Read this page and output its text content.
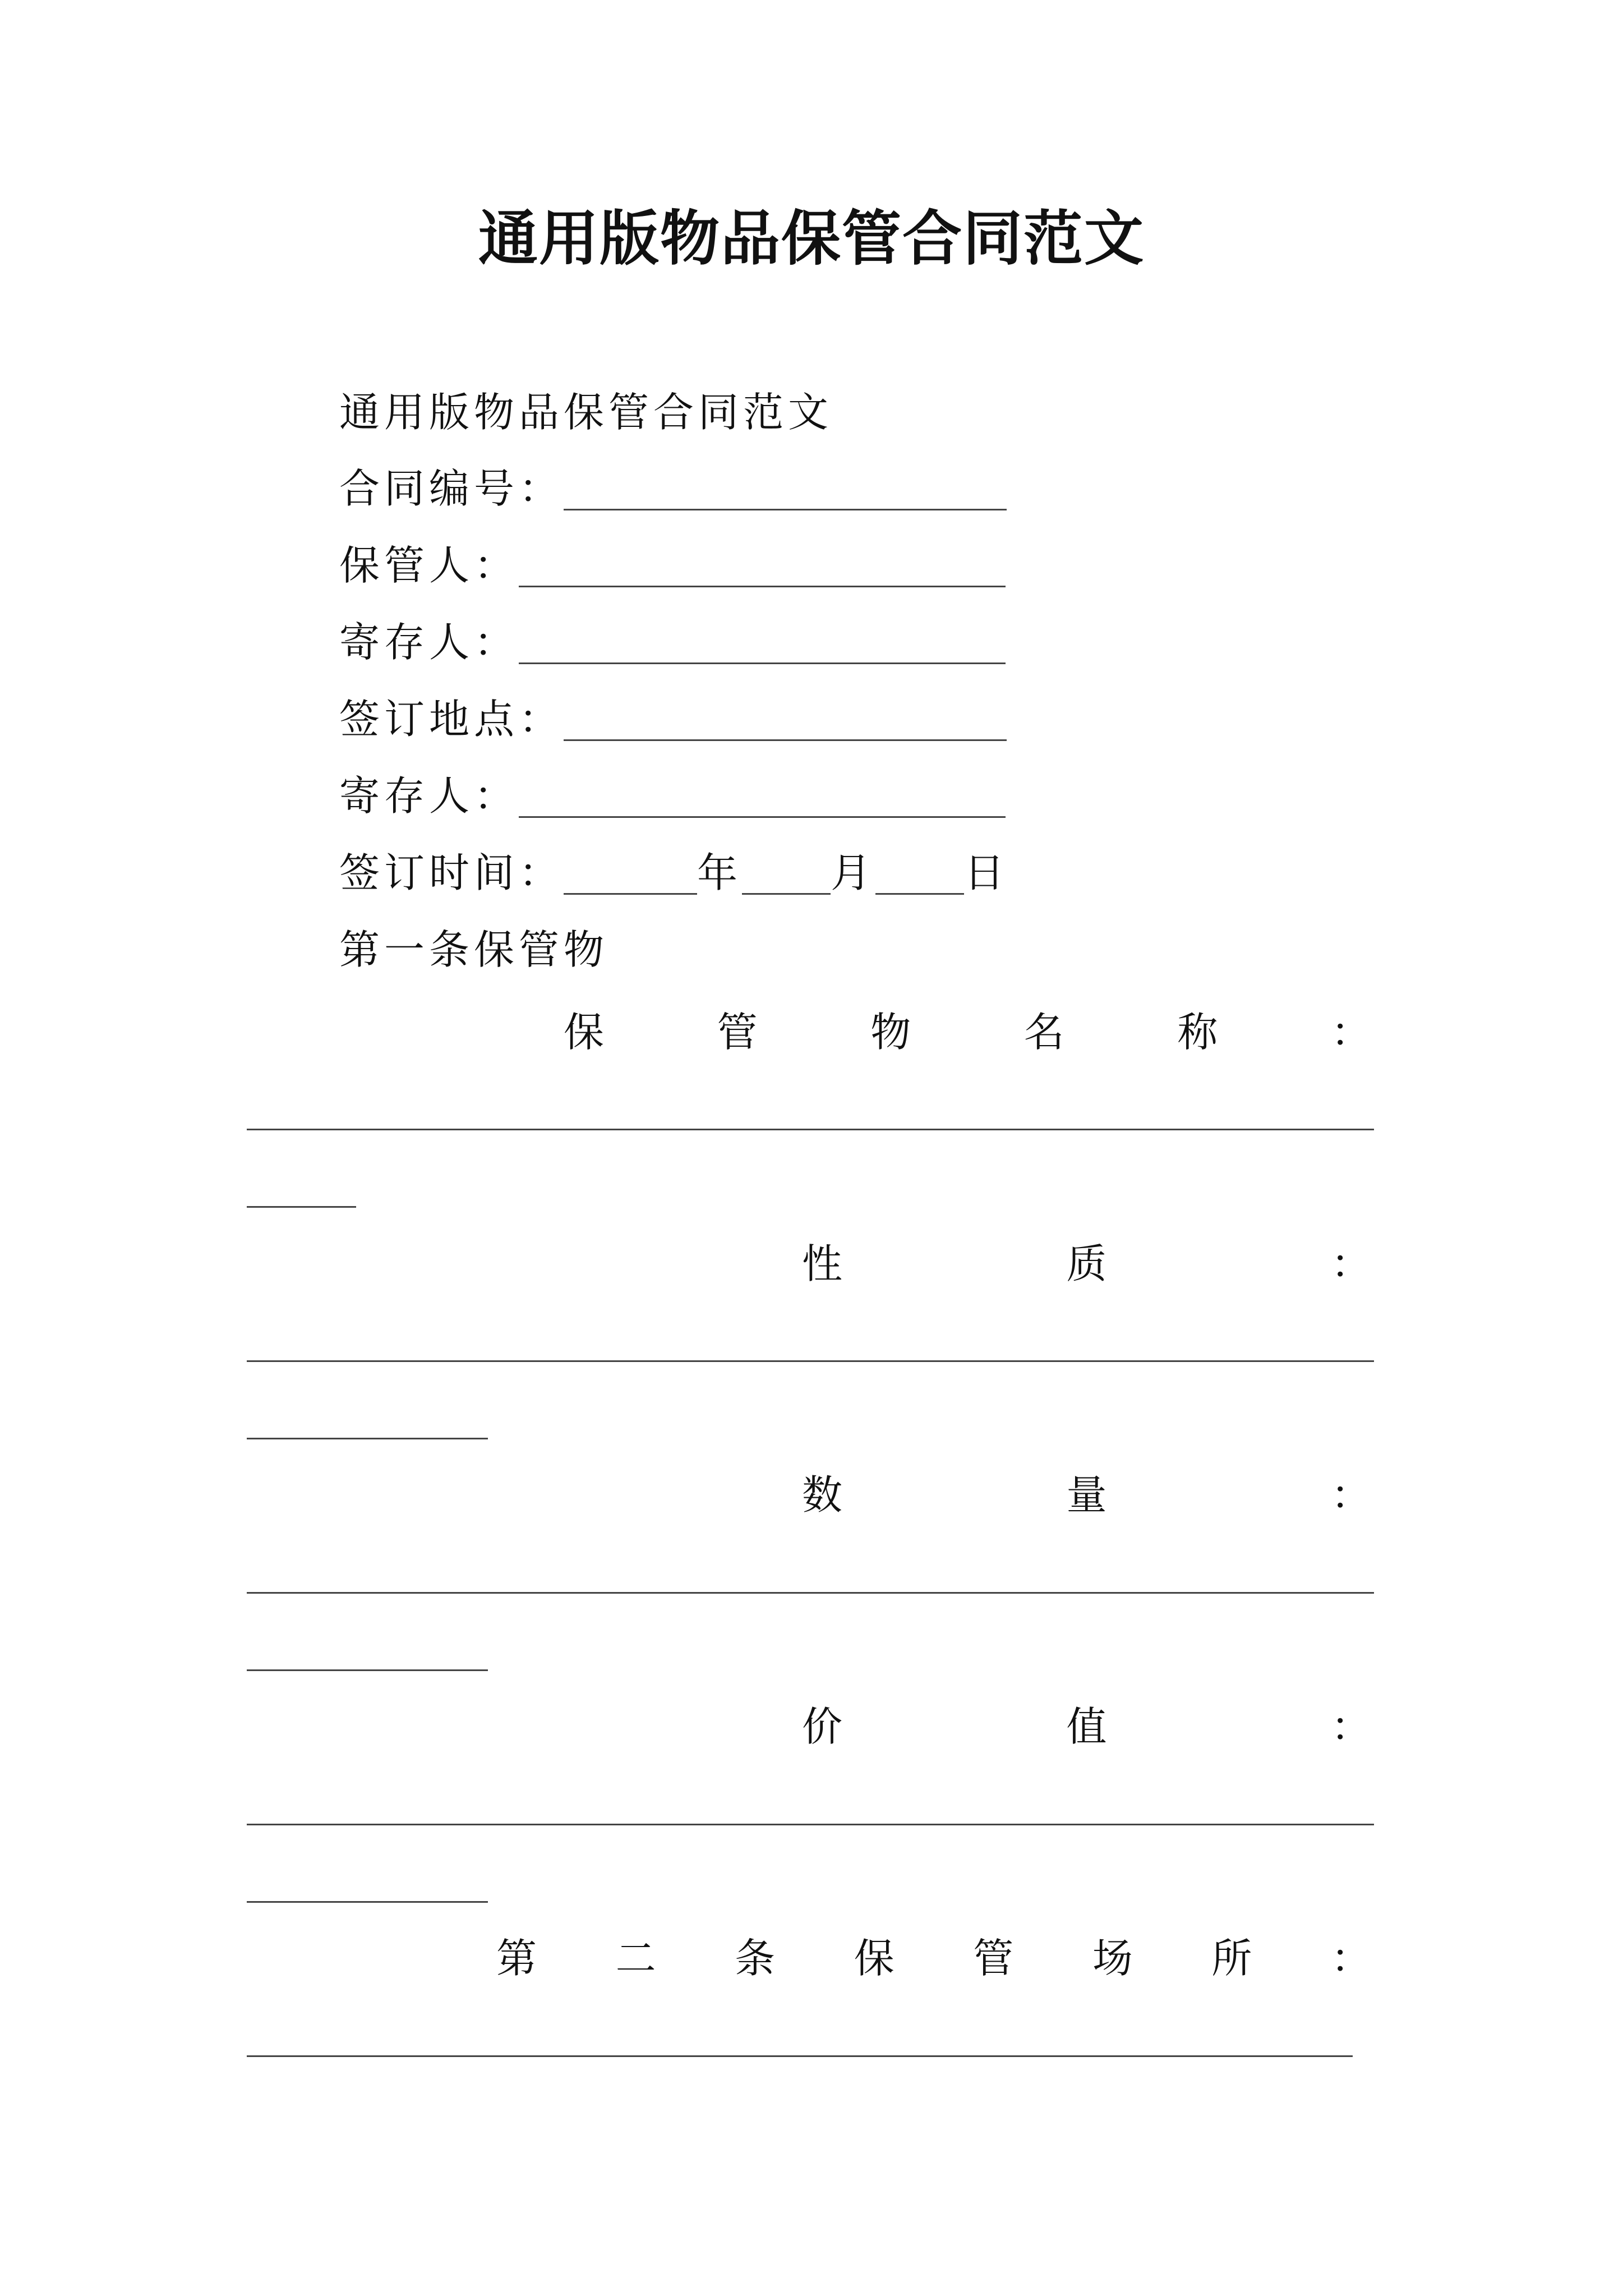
通用版物品保管合同范文
通用版物品保管合同范文
合同编号：
保管人：
寄存人：
签订地点：
寄存人：
签订时间：	年 月 日
第一条保管物
保	管	物	名	称	：
性	质	：
数	量	：
价	值	：
第 二 条 保 管 场 所 ：
